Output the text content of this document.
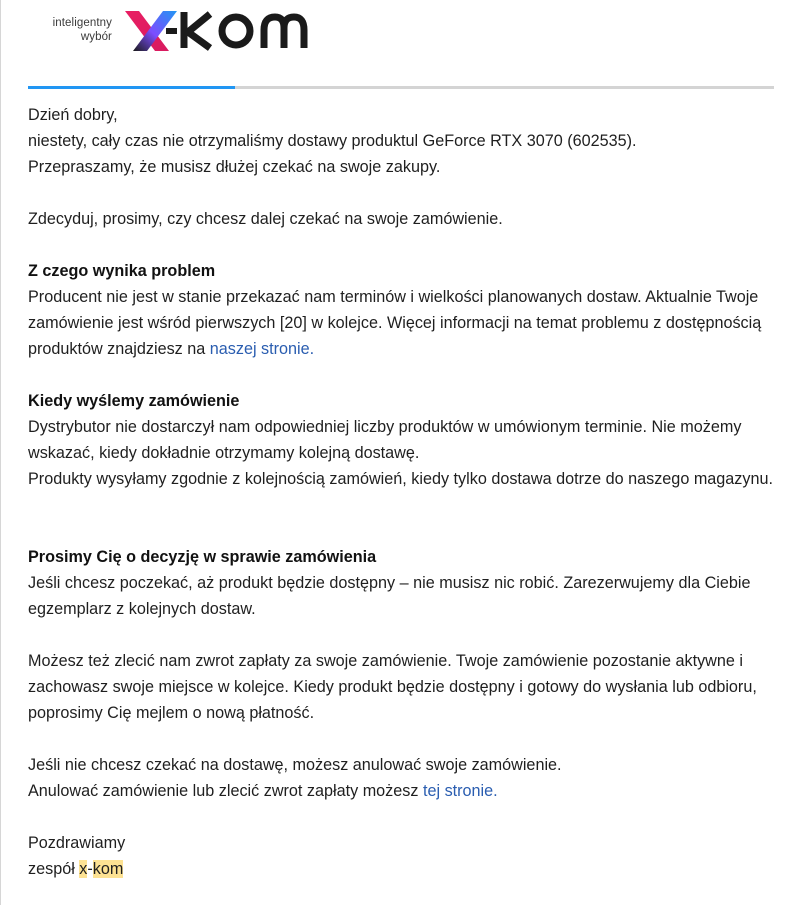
inteligentny
wybór

Dzień dobry,

niestety, cały czas nie otrzymaliśmy dostawy produktul GeForce RTX 3070 (602535).

Przepraszamy, że musisz dłużej czekać na swoje zakupy.

Zdecyduj, prosimy, czy chcesz dalej czekać na swoje zamówienie.

Z czego wynika problem

Producent nie jest w stanie przekazać nam terminów i wielkości planowanych dostaw. Aktualnie Twoje zamówienie jest wśród pierwszych [20] w kolejce. Więcej informacji na temat problemu z dostępnością produktów znajdziesz na naszej stronie.

Kiedy wyślemy zamówienie

Dystrybutor nie dostarczył nam odpowiedniej liczby produktów w umówionym terminie. Nie możemy wskazać, kiedy dokładnie otrzymamy kolejną dostawę.

Produkty wysyłamy zgodnie z kolejnością zamówień, kiedy tylko dostawa dotrze do naszego magazynu.

Prosimy Cię o decyzję w sprawie zamówienia

Jeśli chcesz poczekać, aż produkt będzie dostępny – nie musisz nic robić. Zarezerwujemy dla Ciebie egzemplarz z kolejnych dostaw.

Możesz też zlecić nam zwrot zapłaty za swoje zamówienie. Twoje zamówienie pozostanie aktywne i zachowasz swoje miejsce w kolejce. Kiedy produkt będzie dostępny i gotowy do wysłania lub odbioru, poprosimy Cię mejlem o nową płatność.

Jeśli nie chcesz czekać na dostawę, możesz anulować swoje zamówienie.

Anulować zamówienie lub zlecić zwrot zapłaty możesz tej stronie.

Pozdrawiamy

zespół x-kom
